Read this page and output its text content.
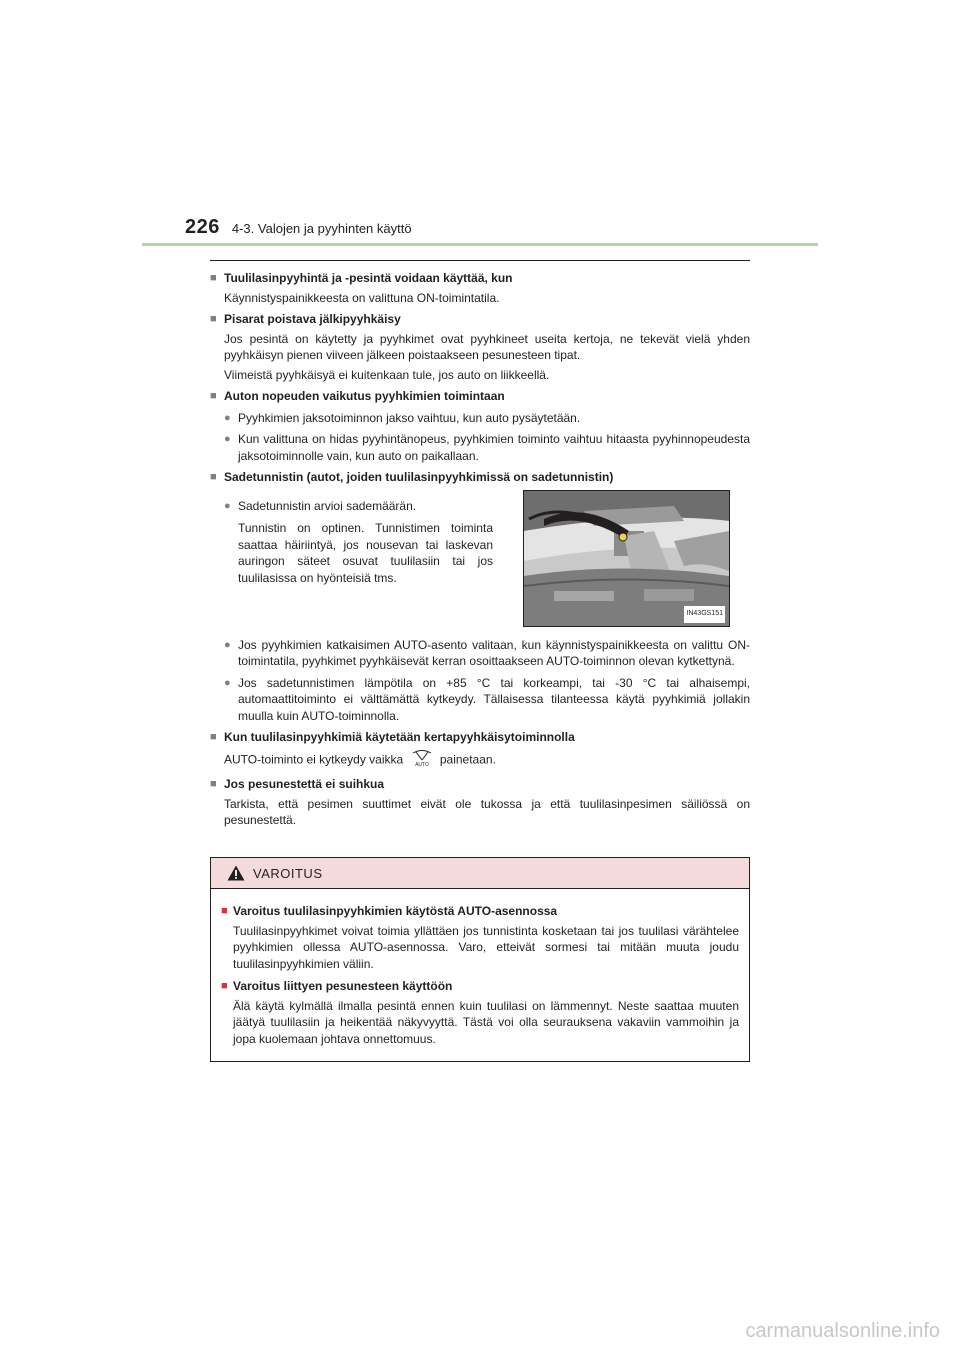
226 4-3. Valojen ja pyyhinten käyttö
■ Tuulilasinpyyhintä ja -pesintä voidaan käyttää, kun
Käynnistyspainikkeesta on valittuna ON-toimintatila.
■ Pisarat poistava jälkipyyhkäisy
Jos pesintä on käytetty ja pyyhkimet ovat pyyhkineet useita kertoja, ne tekevät vielä yhden pyyhkäisyn pienen viiveen jälkeen poistaakseen pesunesteen tipat.
Viimeistä pyyhkäisyä ei kuitenkaan tule, jos auto on liikkeellä.
■ Auton nopeuden vaikutus pyyhkimien toimintaan
● Pyyhkimien jaksotoiminnon jakso vaihtuu, kun auto pysäytetään.
● Kun valittuna on hidas pyyhintänopeus, pyyhkimien toiminto vaihtuu hitaasta pyyhinnopeudesta jaksotoiminnolle vain, kun auto on paikallaan.
■ Sadetunnistin (autot, joiden tuulilasinpyyhkimissä on sadetunnistin)
● Sadetunnistin arvioi sademäärän.
Tunnistin on optinen. Tunnistimen toiminta saattaa häiriintyä, jos nousevan tai laskevan auringon säteet osuvat tuulilasiin tai jos tuulilasissa on hyönteisiä tms.
IN43GS151
● Jos pyyhkimien katkaisimen AUTO-asento valitaan, kun käynnistyspainikkeesta on valittu ON-toimintatila, pyyhkimet pyyhkäisevät kerran osoittaakseen AUTO-toiminnon olevan kytkettynä.
● Jos sadetunnistimen lämpötila on +85 °C tai korkeampi, tai -30 °C tai alhaisempi, automaattitoiminto ei välttämättä kytkeydy. Tällaisessa tilanteessa käytä pyyhkimiä jollakin muulla kuin AUTO-toiminnolla.
■ Kun tuulilasinpyyhkimiä käytetään kertapyyhkäisytoiminnolla
AUTO-toiminto ei kytkeydy vaikka AUTO painetaan.
■ Jos pesunestettä ei suihkua
Tarkista, että pesimen suuttimet eivät ole tukossa ja että tuulilasinpesimen säiliössä on pesunestettä.
VAROITUS
■ Varoitus tuulilasinpyyhkimien käytöstä AUTO-asennossa
Tuulilasinpyyhkimet voivat toimia yllättäen jos tunnistinta kosketaan tai jos tuulilasi värähtelee pyyhkimien ollessa AUTO-asennossa. Varo, etteivät sormesi tai mitään muuta joudu tuulilasinpyyhkimien väliin.
■ Varoitus liittyen pesunesteen käyttöön
Älä käytä kylmällä ilmalla pesintä ennen kuin tuulilasi on lämmennyt. Neste saattaa muuten jäätyä tuulilasiin ja heikentää näkyvyyttä. Tästä voi olla seurauksena vakaviin vammoihin ja jopa kuolemaan johtava onnettomuus.
carmanualsonline.info
